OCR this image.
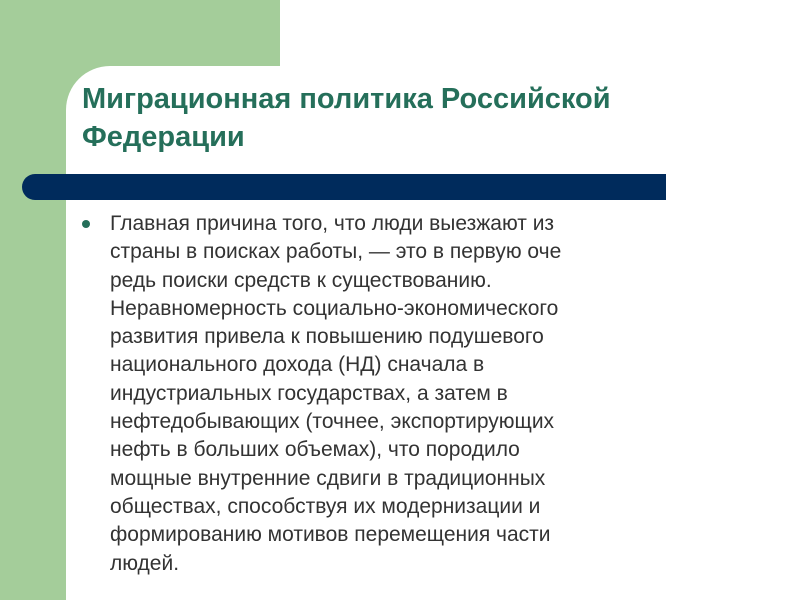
Миграционная политика Российской
Федерации

Главная причина того, что люди выезжают из
страны в поисках работы, — это в первую оче
редь поиски средств к существованию.
Неравномерность социально-экономического
развития привела к повышению подушевого
национального дохода (НД) сначала в
индустриальных государствах, а затем в
нефтедобывающих (точнее, экспортирующих
нефть в больших объемах), что породило
мощные внутренние сдвиги в традиционных
обществах, способствуя их модернизации и
формированию мотивов перемещения части
людей.
